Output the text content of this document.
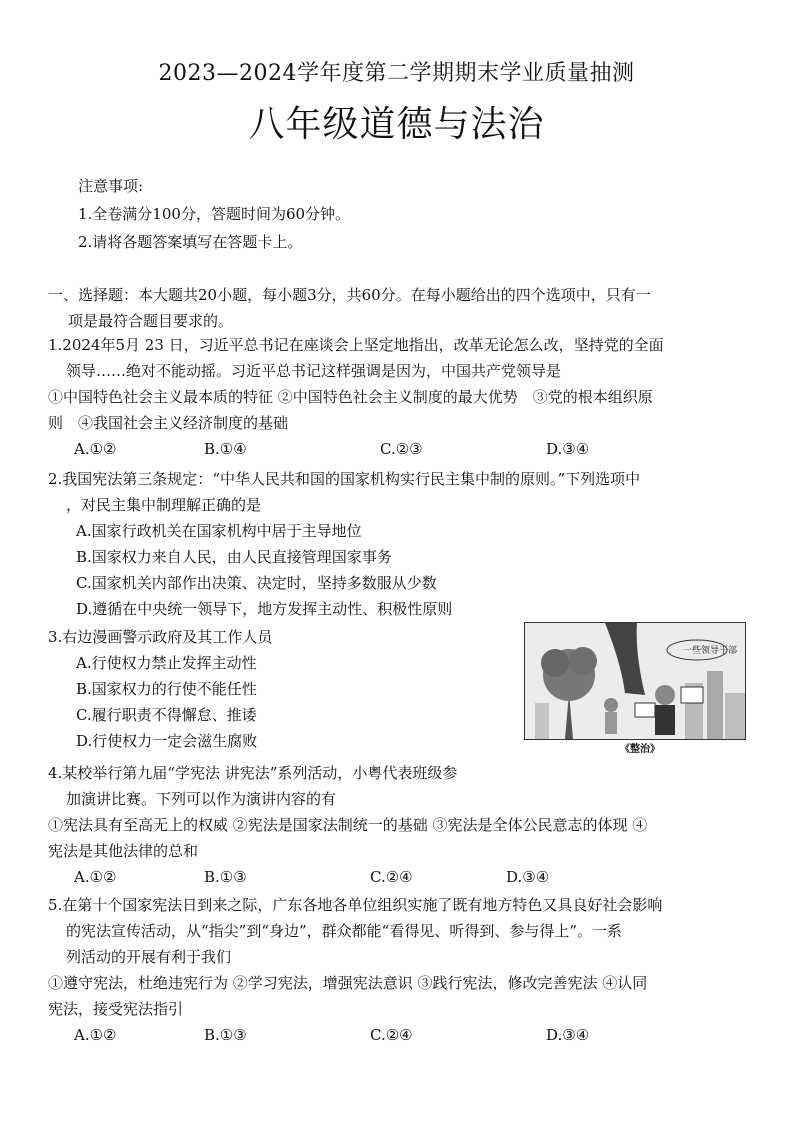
2023—2024学年度第二学期期末学业质量抽测
八年级道德与法治
注意事项:
1.全卷满分100分，答题时间为60分钟。
2.请将各题答案填写在答题卡上。
一、选择题：本大题共20小题，每小题3分，共60分。在每小题给出的四个选项中，只有一
项是最符合题目要求的。
1.2024年5月 23 日，习近平总书记在座谈会上坚定地指出，改革无论怎么改，坚持党的全面
领导……绝对不能动摇。习近平总书记这样强调是因为，中国共产党领导是
①中国特色社会主义最本质的特征 ②中国特色社会主义制度的最大优势　③党的根本组织原
则　④我国社会主义经济制度的基础
A.①②	B.①④	C.②③	D.③④
2.我国宪法第三条规定：“中华人民共和国的国家机构实行民主集中制的原则。”下列选项中
，对民主集中制理解正确的是
A.国家行政机关在国家机构中居于主导地位
B.国家权力来自人民，由人民直接管理国家事务
C.国家机关内部作出决策、决定时，坚持多数服从少数
D.遵循在中央统一领导下，地方发挥主动性、积极性原则
3.右边漫画警示政府及其工作人员
A.行使权力禁止发挥主动性
B.国家权力的行使不能任性
C.履行职责不得懈怠、推诿
D.行使权力一定会滋生腐败
一些领导干部
《整治》
4.某校举行第九届“学宪法 讲宪法”系列活动，小粤代表班级参
加演讲比赛。下列可以作为演讲内容的有
①宪法具有至高无上的权威 ②宪法是国家法制统一的基础 ③宪法是全体公民意志的体现 ④
宪法是其他法律的总和
A.①②	B.①③	C.②④	D.③④
5.在第十个国家宪法日到来之际，广东各地各单位组织实施了既有地方特色又具良好社会影响
的宪法宣传活动，从“指尖”到“身边”，群众都能“看得见、听得到、参与得上”。一系
列活动的开展有利于我们
①遵守宪法，杜绝违宪行为 ②学习宪法，增强宪法意识 ③践行宪法，修改完善宪法 ④认同
宪法，接受宪法指引
A.①②	B.①③	C.②④	D.③④
